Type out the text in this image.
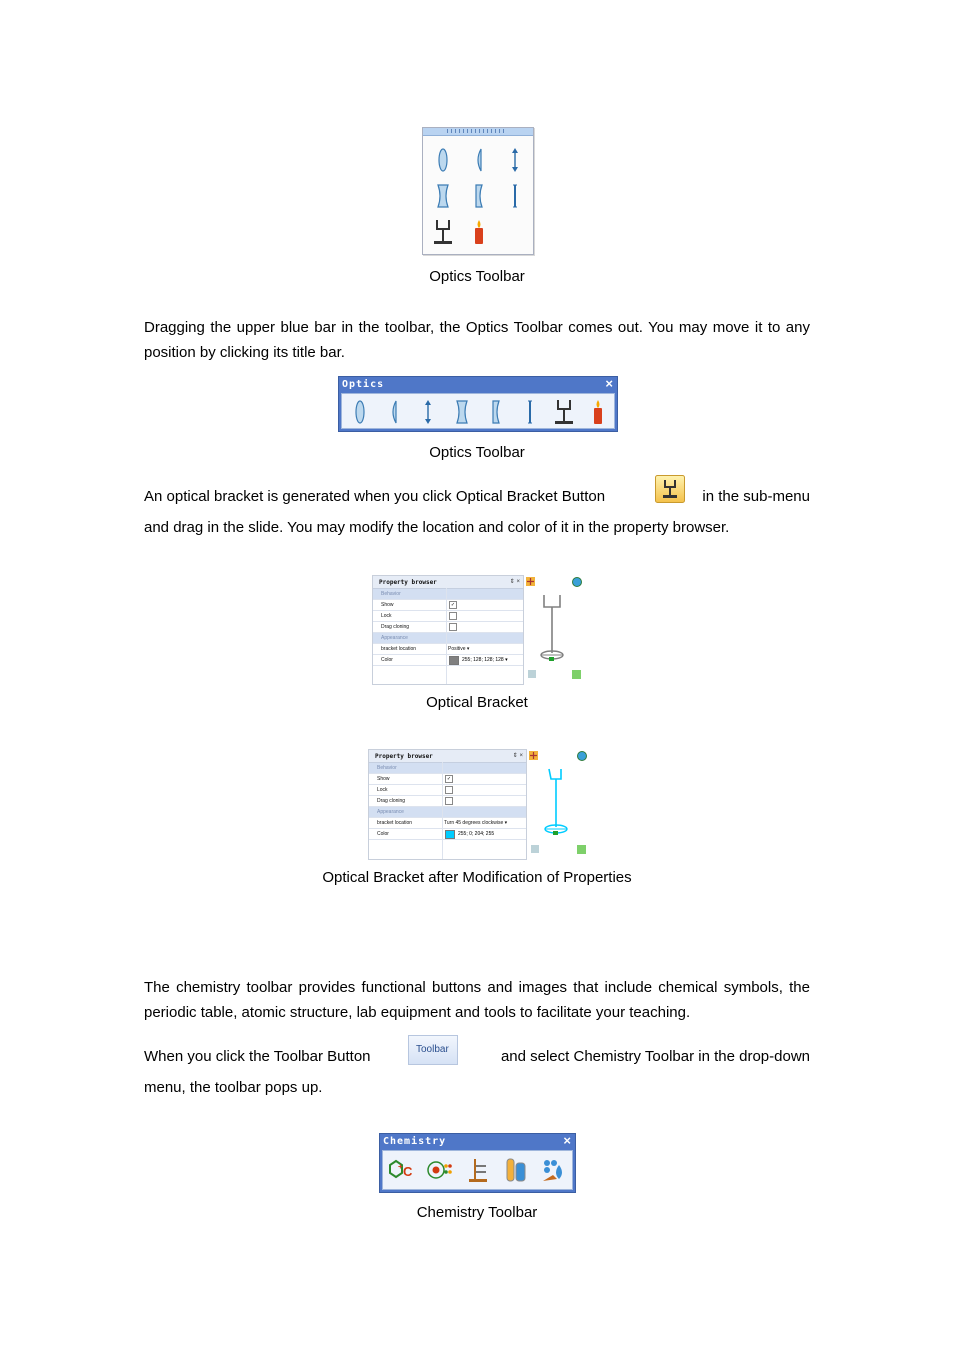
Optics Toolbar
Dragging the upper blue bar in the toolbar, the Optics Toolbar comes out. You may move it to any position by clicking its title bar.
Optics	×
Optics Toolbar
An optical bracket is generated when you click Optical Bracket Button	in the sub-menu
and drag in the slide. You may modify the location and color of it in the property browser.
Property browser	⇕ ×
Behavior
Show	✓
Lock
Drag cloning
Appearance
bracket location	Positive ▾
Color	255; 128; 128; 128 ▾
Optical Bracket
Property browser	⇕ ×
Behavior
Show	✓
Lock
Drag cloning
Appearance
bracket location	Turn 45 degrees clockwise ▾
Color	255; 0; 204; 255
Optical Bracket after Modification of Properties
The chemistry toolbar provides functional buttons and images that include chemical symbols, the periodic table, atomic structure, lab equipment and tools to facilitate your teaching.
When you click the Toolbar Button	Toolbar	and select Chemistry Toolbar in the drop-down
menu, the toolbar pops up.
Chemistry	×
C
+
Chemistry Toolbar
